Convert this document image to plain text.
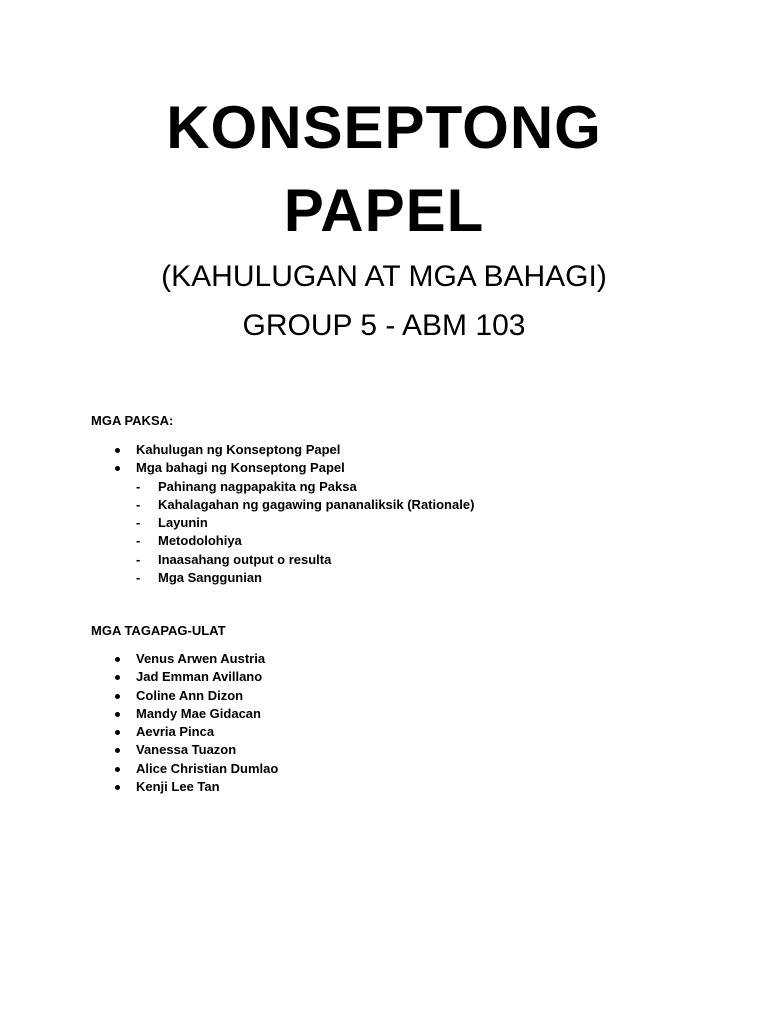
KONSEPTONG
PAPEL

(KAHULUGAN AT MGA BAHAGI)

GROUP 5 - ABM 103

MGA PAKSA:

Kahulugan ng Konseptong Papel
Mga bahagi ng Konseptong Papel
- Pahinang nagpapakita ng Paksa
- Kahalagahan ng gagawing pananaliksik (Rationale)
- Layunin
- Metodolohiya
- Inaasahang output o resulta
- Mga Sanggunian

MGA TAGAPAG-ULAT

Venus Arwen Austria
Jad Emman Avillano
Coline Ann Dizon
Mandy Mae Gidacan
Aevria Pinca
Vanessa Tuazon
Alice Christian Dumlao
Kenji Lee Tan
